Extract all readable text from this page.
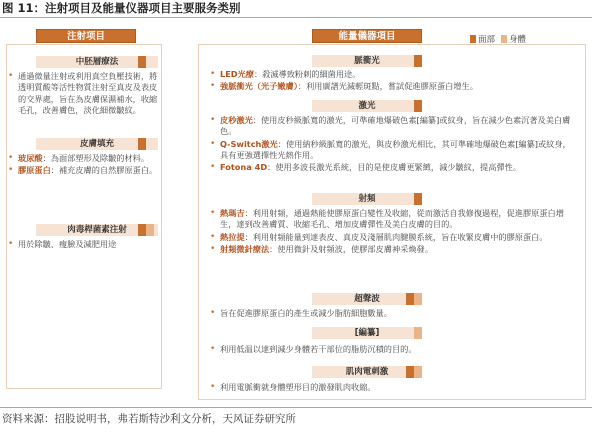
图 11：注射项目及能量仪器项目主要服务类别
注射项目
中胚層療法
• 通過微量注射或利用真空負壓技術，將透明質酸等活性物質注射至真皮及表皮的交界處，旨在為皮膚保濕補水，收縮毛孔，改善膚色，淡化細微皺紋。
皮膚填充
• 玻尿酸：為面部塑形及除皺的材料。
• 膠原蛋白：補充皮膚的自然膠原蛋白。
肉毒桿菌素注射
• 用於除皺、瘦臉及減肥用途
能量儀器項目	面部 身體
脈衝光
• LED光療：殺滅導致粉刺的細菌用途。
• 強脈衝光（光子嫩膚）：利用廣譜光減輕斑點，嘗試促進膠原蛋白增生。
激光
• 皮秒激光：使用皮秒級脈寬的激光，可準確地爆破色素[編纂]或紋身，旨在減少色素沉著及美白膚色。
• Q-Switch激光：使用納秒級脈寬的激光，與皮秒激光相比，其可準確地爆破色素[編纂]或紋身，具有更強選擇性光熱作用。
• Fotona 4D：使用多波長激光系統，目的是使皮膚更緊緻，減少皺紋，提高彈性。
射頻
• 熱瑪吉：利用射頻，通過熱能使膠原蛋白變性及收縮，從而激活自我修復過程，促進膠原蛋白增生，達到改善膚質、收縮毛孔、增加皮膚彈性及美白皮膚的目的。
• 熱拉提：利用射頻能量到達表皮、真皮及淺層肌肉腱膜系統，旨在收緊皮膚中的膠原蛋白。
• 射頻微針療法：使用微針及射頻波，使膠部皮膚神采煥發。
超聲波
• 旨在促進膠原蛋白的產生或減少脂肪細胞數量。
[編纂]
• 利用低温以達到減少身體若干部位的脂肪沉積的目的。
肌肉電刺激
• 利用電脈衝就身體塑形目的激發肌肉收縮。
资料来源：招股说明书，弗若斯特沙利文分析，天风证券研究所
